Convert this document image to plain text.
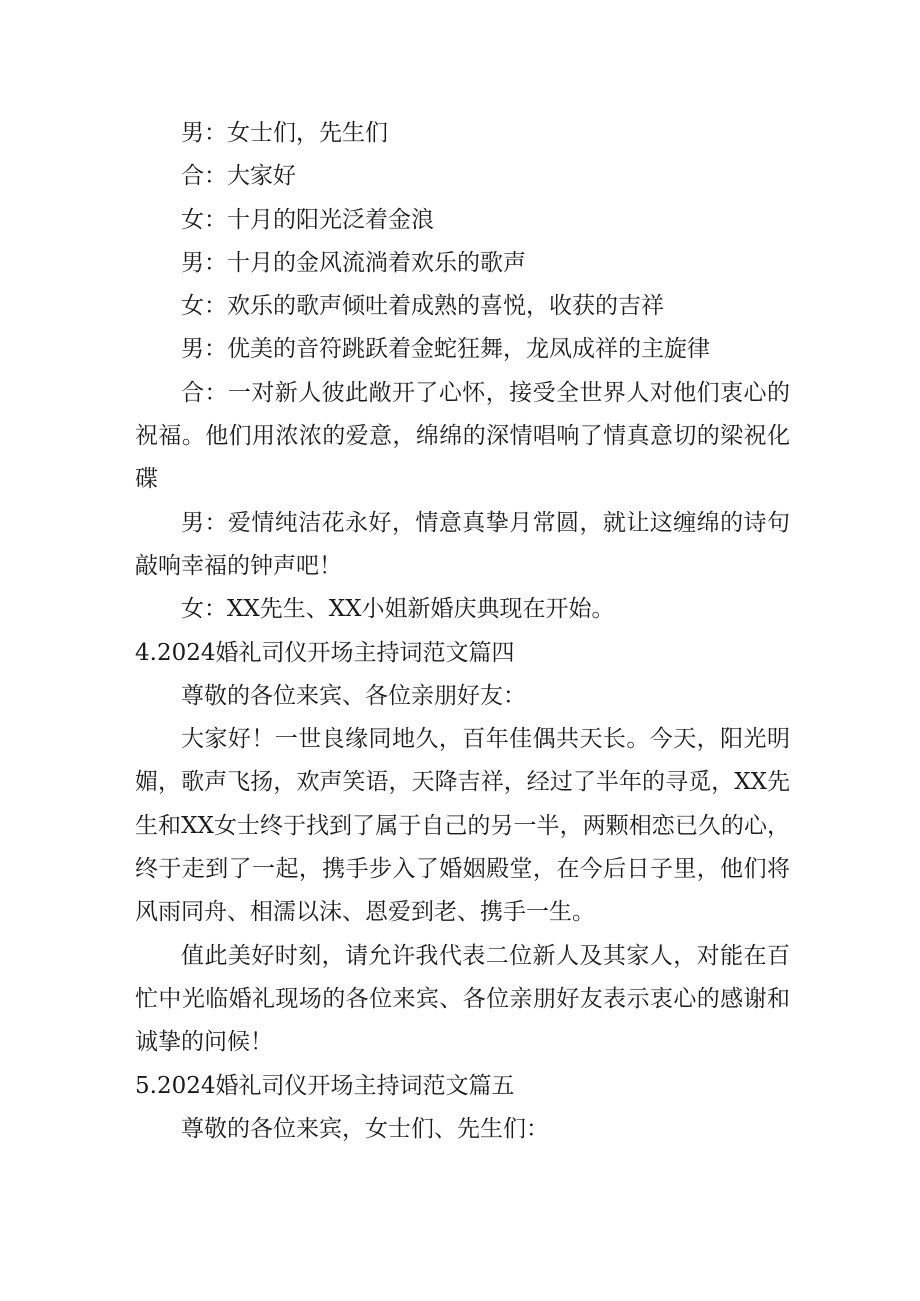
男：女士们，先生们

合：大家好

女：十月的阳光泛着金浪

男：十月的金风流淌着欢乐的歌声

女：欢乐的歌声倾吐着成熟的喜悦，收获的吉祥

男：优美的音符跳跃着金蛇狂舞，龙凤成祥的主旋律

合：一对新人彼此敞开了心怀，接受全世界人对他们衷心的祝福。他们用浓浓的爱意，绵绵的深情唱响了情真意切的梁祝化碟

男：爱情纯洁花永好，情意真挚月常圆，就让这缠绵的诗句敲响幸福的钟声吧！

女：XX先生、XX小姐新婚庆典现在开始。

4.2024婚礼司仪开场主持词范文篇四

尊敬的各位来宾、各位亲朋好友：

大家好！一世良缘同地久，百年佳偶共天长。今天，阳光明媚，歌声飞扬，欢声笑语，天降吉祥，经过了半年的寻觅，XX先生和XX女士终于找到了属于自己的另一半，两颗相恋已久的心，终于走到了一起，携手步入了婚姻殿堂，在今后日子里，他们将风雨同舟、相濡以沫、恩爱到老、携手一生。

值此美好时刻，请允许我代表二位新人及其家人，对能在百忙中光临婚礼现场的各位来宾、各位亲朋好友表示衷心的感谢和诚挚的问候！

5.2024婚礼司仪开场主持词范文篇五

尊敬的各位来宾，女士们、先生们：
